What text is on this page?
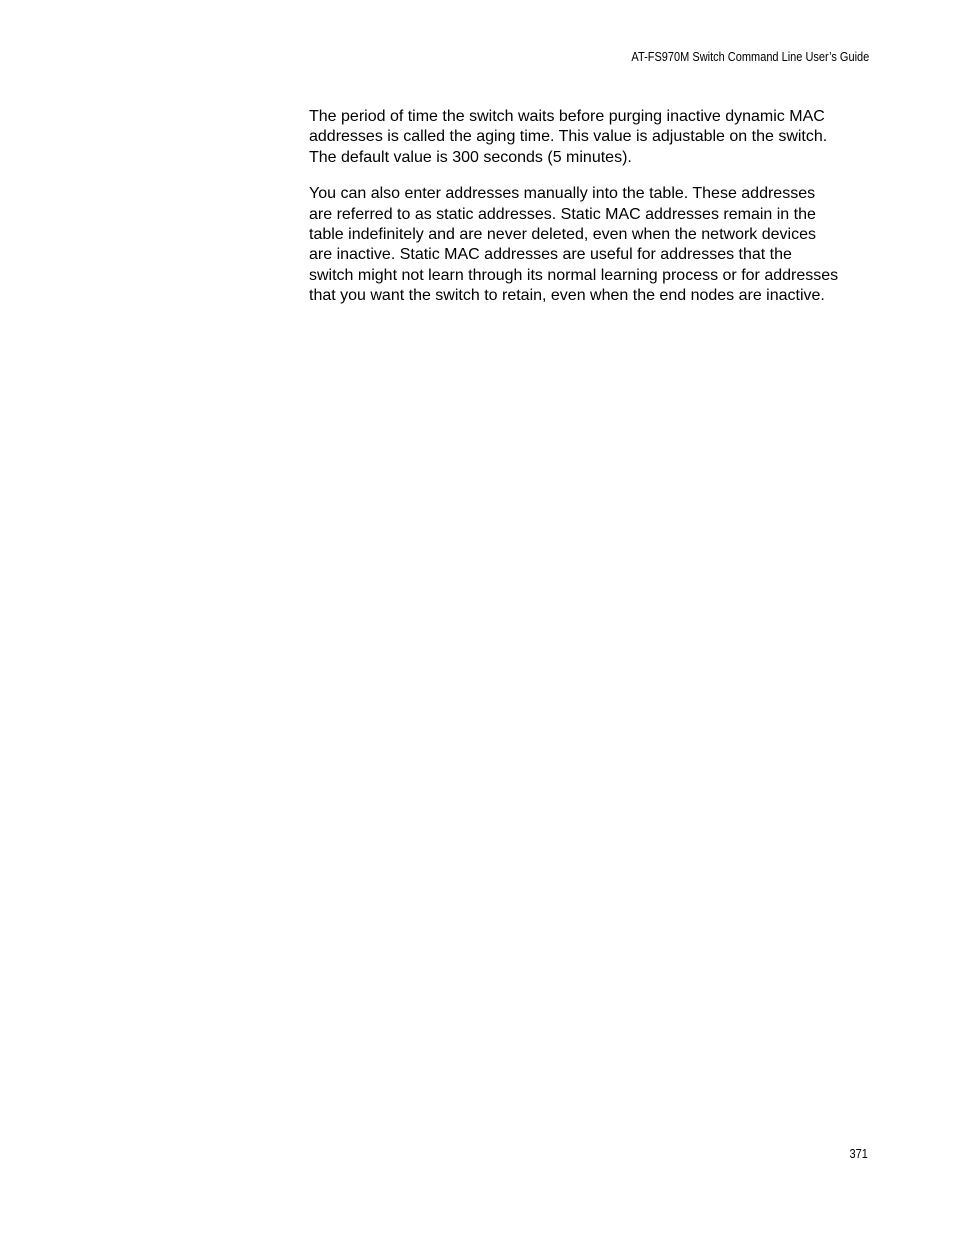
AT-FS970M Switch Command Line User’s Guide

The period of time the switch waits before purging inactive dynamic MAC
addresses is called the aging time. This value is adjustable on the switch.
The default value is 300 seconds (5 minutes).

You can also enter addresses manually into the table. These addresses
are referred to as static addresses. Static MAC addresses remain in the
table indefinitely and are never deleted, even when the network devices
are inactive. Static MAC addresses are useful for addresses that the
switch might not learn through its normal learning process or for addresses
that you want the switch to retain, even when the end nodes are inactive.

371
